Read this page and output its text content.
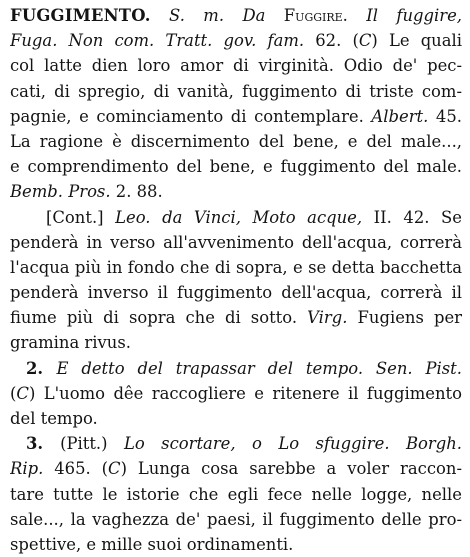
FUGGIMENTO. S. m. Da Fuggire. Il fuggire,
Fuga. Non com. Tratt. gov. fam. 62. (C) Le quali
col latte dien loro amor di virginità. Odio de' pec-
cati, di spregio, di vanità, fuggimento di triste com-
pagnie, e cominciamento di contemplare. Albert. 45.
La ragione è discernimento del bene, e del male...,
e comprendimento del bene, e fuggimento del male.
Bemb. Pros. 2. 88.
[Cont.] Leo. da Vinci, Moto acque, II. 42. Se
penderà in verso all'avvenimento dell'acqua, correrà
l'acqua più in fondo che di sopra, e se detta bacchetta
penderà inverso il fuggimento dell'acqua, correrà il
fiume più di sopra che di sotto. Virg. Fugiens per
gramina rivus.
2. E detto del trapassar del tempo. Sen. Pist.
(C) L'uomo dêe raccogliere e ritenere il fuggimento
del tempo.
3. (Pitt.) Lo scortare, o Lo sfuggire. Borgh.
Rip. 465. (C) Lunga cosa sarebbe a voler raccon-
tare tutte le istorie che egli fece nelle logge, nelle
sale..., la vaghezza de' paesi, il fuggimento delle pro-
spettive, e mille suoi ordinamenti.
